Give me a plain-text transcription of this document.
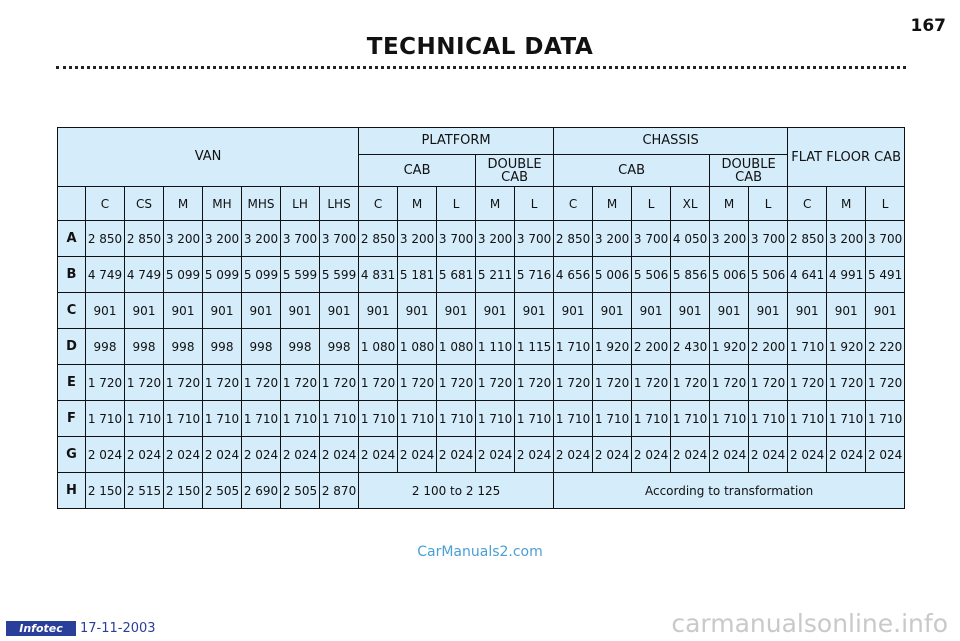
167
TECHNICAL DATA
VAN								PLATFORM					CHASSIS						FLAT FLOOR CAB		
								CAB			DOUBLE CAB		CAB				DOUBLE CAB				
	C	CS	M	MH	MHS	LH	LHS	C	M	L	M	L	C	M	L	XL	M	L	C	M	L
A	2 850	2 850	3 200	3 200	3 200	3 700	3 700	2 850	3 200	3 700	3 200	3 700	2 850	3 200	3 700	4 050	3 200	3 700	2 850	3 200	3 700
B	4 749	4 749	5 099	5 099	5 099	5 599	5 599	4 831	5 181	5 681	5 211	5 716	4 656	5 006	5 506	5 856	5 006	5 506	4 641	4 991	5 491
C	901	901	901	901	901	901	901	901	901	901	901	901	901	901	901	901	901	901	901	901	901
D	998	998	998	998	998	998	998	1 080	1 080	1 080	1 110	1 115	1 710	1 920	2 200	2 430	1 920	2 200	1 710	1 920	2 220
E	1 720	1 720	1 720	1 720	1 720	1 720	1 720	1 720	1 720	1 720	1 720	1 720	1 720	1 720	1 720	1 720	1 720	1 720	1 720	1 720	1 720
F	1 710	1 710	1 710	1 710	1 710	1 710	1 710	1 710	1 710	1 710	1 710	1 710	1 710	1 710	1 710	1 710	1 710	1 710	1 710	1 710	1 710
G	2 024	2 024	2 024	2 024	2 024	2 024	2 024	2 024	2 024	2 024	2 024	2 024	2 024	2 024	2 024	2 024	2 024	2 024	2 024	2 024	2 024
H	2 150	2 515	2 150	2 505	2 690	2 505	2 870	2 100 to 2 125					According to transformation								
CarManuals2.com
Infotec	17-11-2003	carmanualsonline.info
